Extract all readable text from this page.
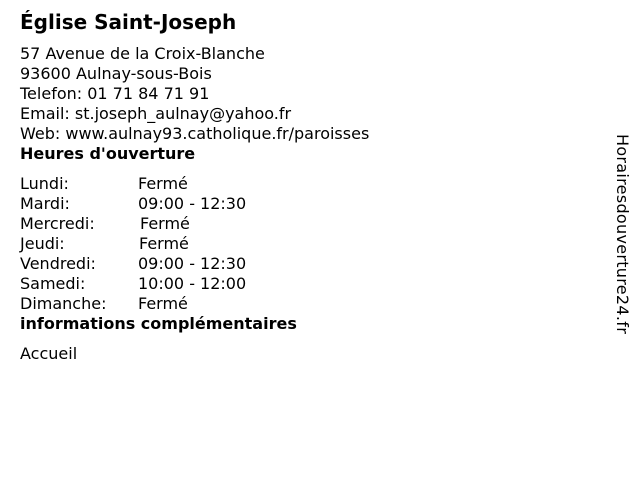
Église Saint-Joseph
57 Avenue de la Croix-Blanche
93600 Aulnay-sous-Bois
Telefon: 01 71 84 71 91
Email: st.joseph_aulnay@yahoo.fr
Web: www.aulnay93.catholique.fr/paroisses
Heures d'ouverture
Lundi:	Fermé
Mardi:	09:00 - 12:30
Mercredi:	Fermé
Jeudi:	Fermé
Vendredi:	09:00 - 12:30
Samedi:	10:00 - 12:00
Dimanche:	Fermé
informations complémentaires
Accueil
Horairesdouverture24.fr
